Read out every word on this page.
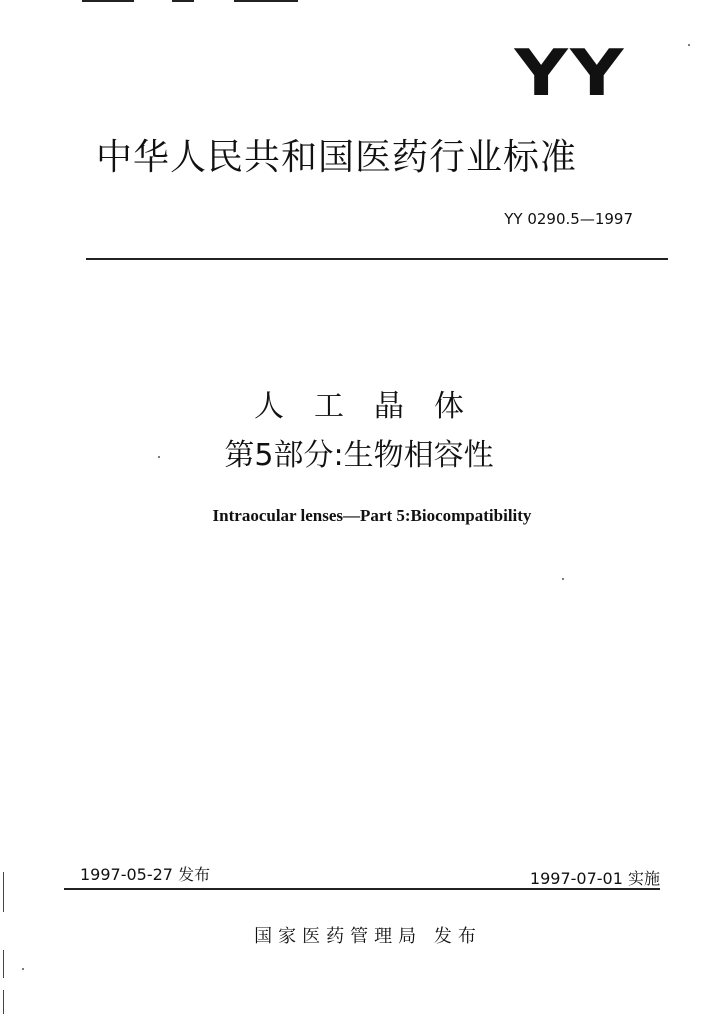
YY
中华人民共和国医药行业标准
YY 0290.5—1997
人 工 晶 体
第5部分:生物相容性
Intraocular lenses—Part 5:Biocompatibility
1997-05-27 发布	1997-07-01 实施
国家医药管理局 发布
